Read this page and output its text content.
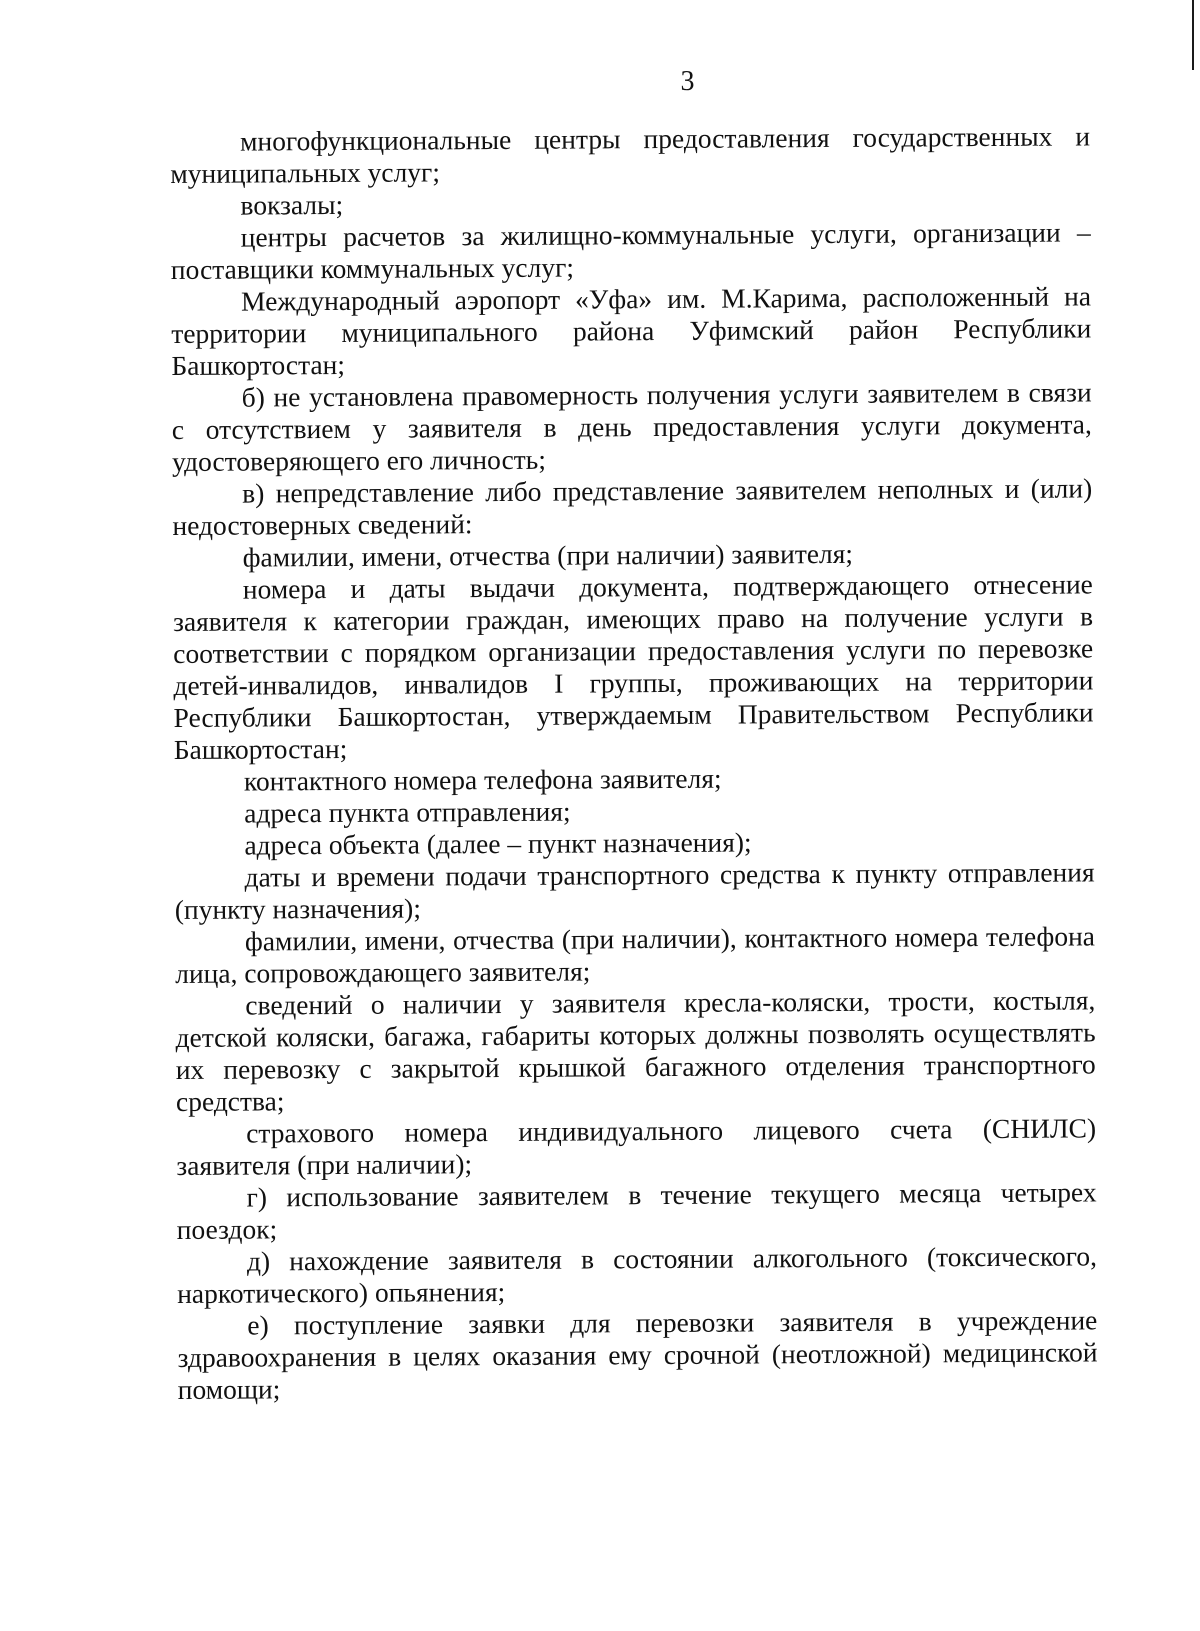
3

многофункциональные центры предоставления государственных и муниципальных услуг;

вокзалы;

центры расчетов за жилищно-коммунальные услуги, организации – поставщики коммунальных услуг;

Международный аэропорт «Уфа» им. М.Карима, расположенный на территории муниципального района Уфимский район Республики Башкортостан;

б) не установлена правомерность получения услуги заявителем в связи с отсутствием у заявителя в день предоставления услуги документа, удостоверяющего его личность;

в) непредставление либо представление заявителем неполных и (или) недостоверных сведений:

фамилии, имени, отчества (при наличии) заявителя;

номера и даты выдачи документа, подтверждающего отнесение заявителя к категории граждан, имеющих право на получение услуги в соответствии с порядком организации предоставления услуги по перевозке детей-инвалидов, инвалидов I группы, проживающих на территории Республики Башкортостан, утверждаемым Правительством Республики Башкортостан;

контактного номера телефона заявителя;

адреса пункта отправления;

адреса объекта (далее – пункт назначения);

даты и времени подачи транспортного средства к пункту отправления (пункту назначения);

фамилии, имени, отчества (при наличии), контактного номера телефона лица, сопровождающего заявителя;

сведений о наличии у заявителя кресла-коляски, трости, костыля, детской коляски, багажа, габариты которых должны позволять осуществлять их перевозку с закрытой крышкой багажного отделения транспортного средства;

страхового номера индивидуального лицевого счета (СНИЛС) заявителя (при наличии);

г) использование заявителем в течение текущего месяца четырех поездок;

д) нахождение заявителя в состоянии алкогольного (токсического, наркотического) опьянения;

е) поступление заявки для перевозки заявителя в учреждение здравоохранения в целях оказания ему срочной (неотложной) медицинской помощи;
